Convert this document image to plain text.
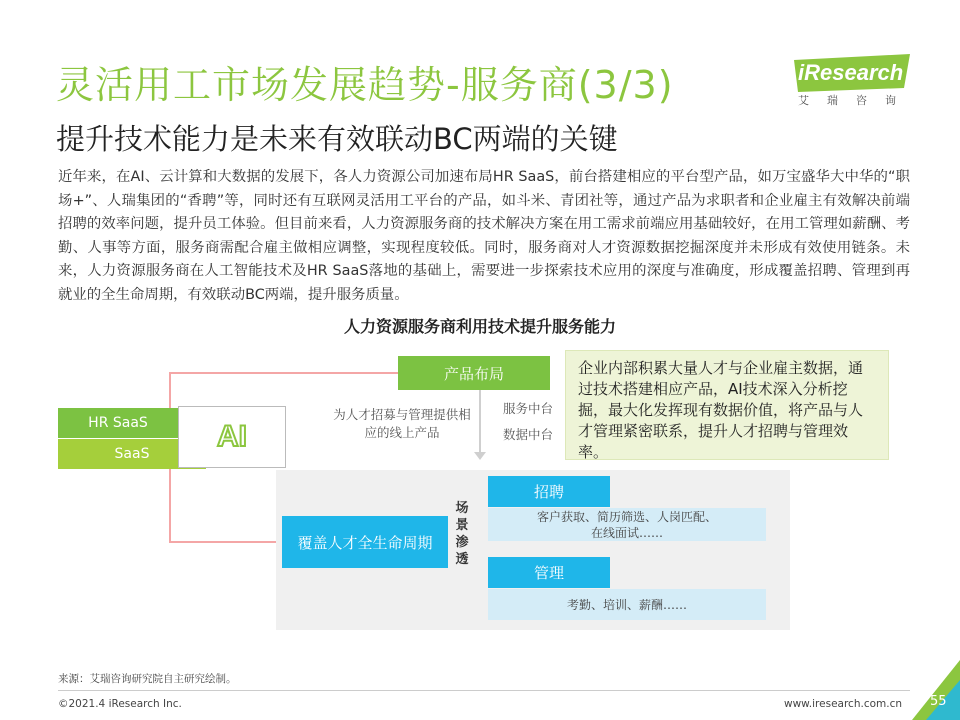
灵活用工市场发展趋势-服务商(3/3)
提升技术能力是未来有效联动BC两端的关键
iResearch
艾瑞咨询
近年来，在AI、云计算和大数据的发展下，各人力资源公司加速布局HR SaaS，前台搭建相应的平台型产品，如万宝盛华大中华的“职场+”、人瑞集团的“香聘”等，同时还有互联网灵活用工平台的产品，如斗米、青团社等，通过产品为求职者和企业雇主有效解决前端招聘的效率问题，提升员工体验。但目前来看，人力资源服务商的技术解决方案在用工需求前端应用基础较好，在用工管理如薪酬、考勤、人事等方面，服务商需配合雇主做相应调整，实现程度较低。同时，服务商对人才资源数据挖掘深度并未形成有效使用链条。未来，人力资源服务商在人工智能技术及HR SaaS落地的基础上，需要进一步探索技术应用的深度与准确度，形成覆盖招聘、管理到再就业的全生命周期，有效联动BC两端，提升服务质量。
人力资源服务商利用技术提升服务能力
产品布局	企业内部积累大量人才与企业雇主数据，通过技术搭建相应产品，AI技术深入分析挖掘，最大化发挥现有数据价值，将产品与人才管理紧密联系，提升人才招聘与管理效率。
HR SaaS
SaaS
AI
为人才招募与管理提供相应的线上产品
服务中台
数据中台
覆盖人才全生命周期
场景渗透
招聘
客户获取、简历筛选、人岗匹配、
在线面试……
管理
考勤、培训、薪酬……
来源：艾瑞咨询研究院自主研究绘制。
©2021.4 iResearch Inc.	www.iresearch.com.cn 55
